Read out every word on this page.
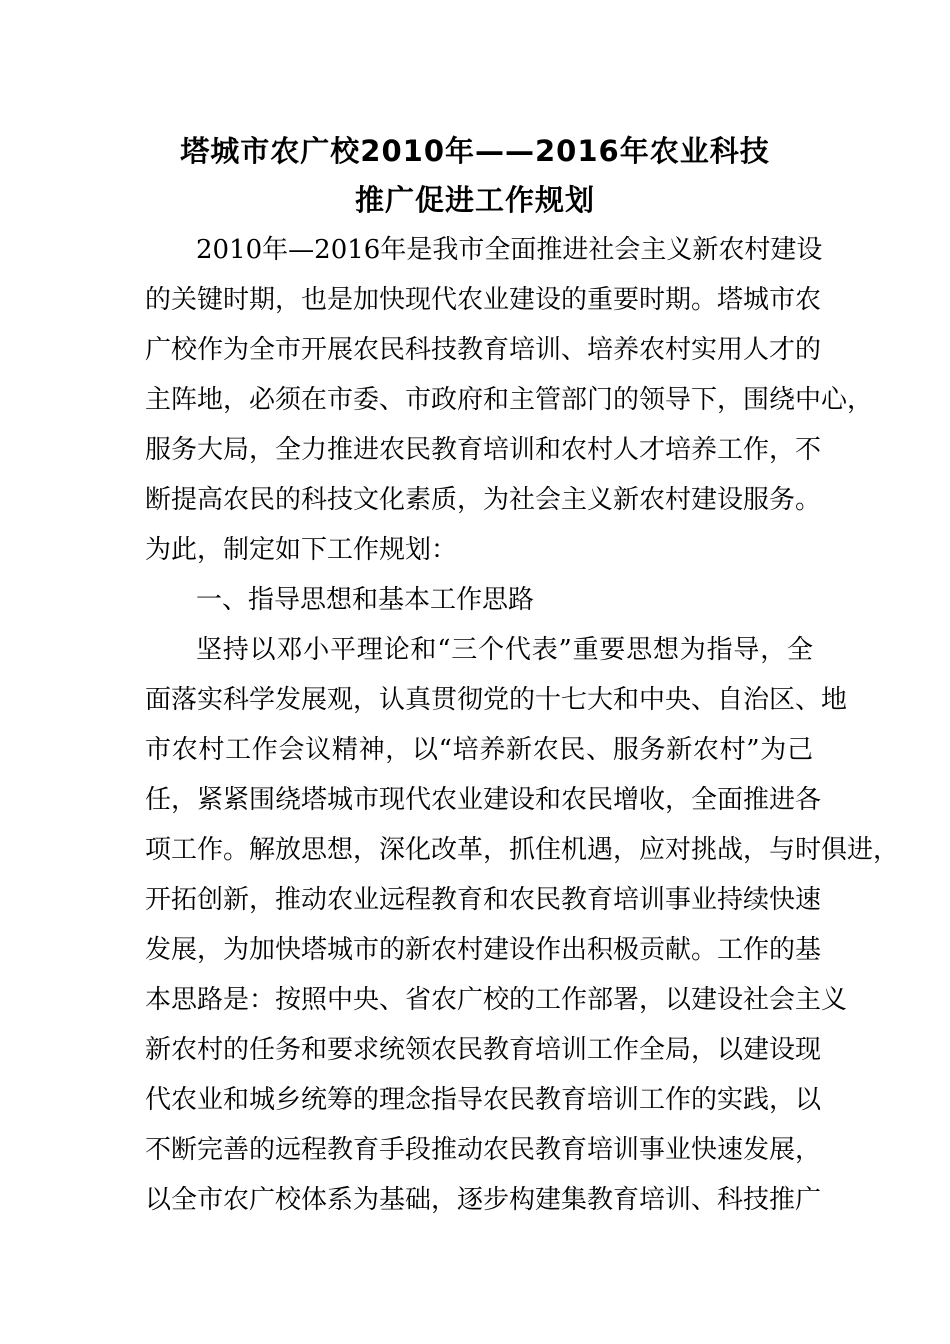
塔城市农广校2010年——2016年农业科技
推广促进工作规划
2010年—2016年是我市全面推进社会主义新农村建设
的关键时期，也是加快现代农业建设的重要时期。塔城市农
广校作为全市开展农民科技教育培训、培养农村实用人才的
主阵地，必须在市委、市政府和主管部门的领导下，围绕中心，
服务大局，全力推进农民教育培训和农村人才培养工作，不
断提高农民的科技文化素质，为社会主义新农村建设服务。
为此，制定如下工作规划：
一、指导思想和基本工作思路
坚持以邓小平理论和“三个代表”重要思想为指导，全
面落实科学发展观，认真贯彻党的十七大和中央、自治区、地
市农村工作会议精神，以“培养新农民、服务新农村”为己
任，紧紧围绕塔城市现代农业建设和农民增收，全面推进各
项工作。解放思想，深化改革，抓住机遇，应对挑战，与时俱进，
开拓创新，推动农业远程教育和农民教育培训事业持续快速
发展，为加快塔城市的新农村建设作出积极贡献。工作的基
本思路是：按照中央、省农广校的工作部署，以建设社会主义
新农村的任务和要求统领农民教育培训工作全局，以建设现
代农业和城乡统筹的理念指导农民教育培训工作的实践，以
不断完善的远程教育手段推动农民教育培训事业快速发展，
以全市农广校体系为基础，逐步构建集教育培训、科技推广
